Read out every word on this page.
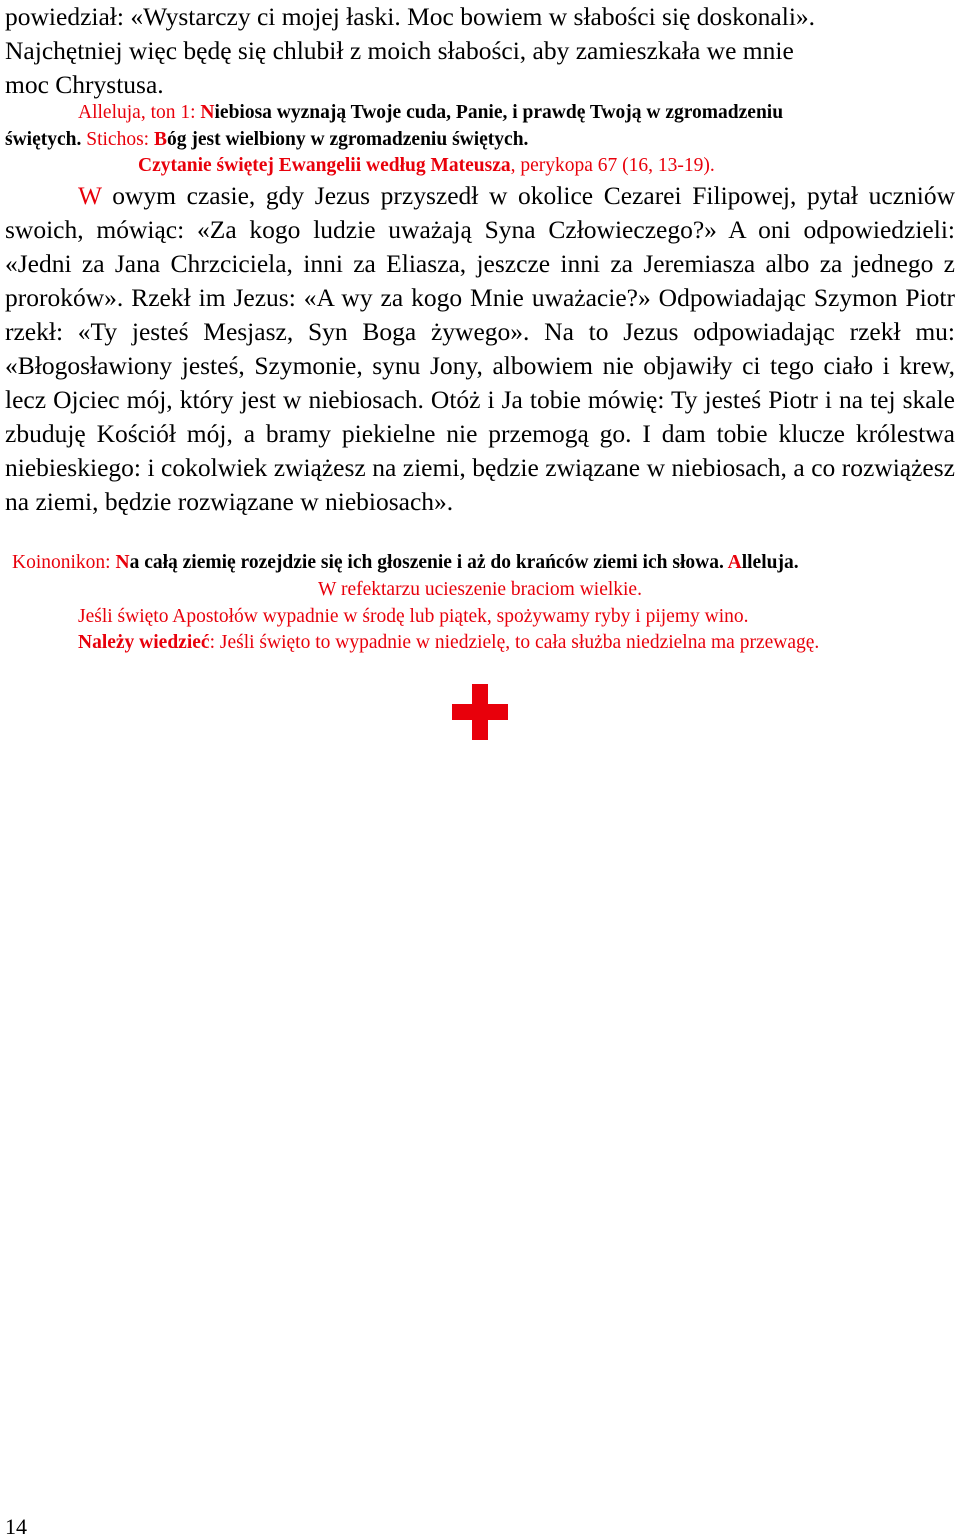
powiedział: «Wystarczy ci mojej łaski. Moc bowiem w słabości się doskonali».
Najchętniej więc będę się chlubił z moich słabości, aby zamieszkała we mnie
moc Chrystusa.
Alleluja, ton 1: Niebiosa wyznają Twoje cuda, Panie, i prawdę Twoją w zgromadzeniu
świętych. Stichos: Bóg jest wielbiony w zgromadzeniu świętych.
Czytanie świętej Ewangelii według Mateusza, perykopa 67 (16, 13-19).
W owym czasie, gdy Jezus przyszedł w okolice Cezarei Filipowej, pytał uczniów swoich, mówiąc: «Za kogo ludzie uważają Syna Człowieczego?» A oni odpowiedzieli: «Jedni za Jana Chrzciciela, inni za Eliasza, jeszcze inni za Jeremiasza albo za jednego z proroków». Rzekł im Jezus: «A wy za kogo Mnie uważacie?» Odpowiadając Szymon Piotr rzekł: «Ty jesteś Mesjasz, Syn Boga żywego». Na to Jezus odpowiadając rzekł mu: «Błogosławiony jesteś, Szymonie, synu Jony, albowiem nie objawiły ci tego ciało i krew, lecz Ojciec mój, który jest w niebiosach. Otóż i Ja tobie mówię: Ty jesteś Piotr i na tej skale zbuduję Kościół mój, a bramy piekielne nie przemogą go. I dam tobie klucze królestwa niebieskiego: i cokolwiek zwiążesz na ziemi, będzie związane w niebiosach, a co rozwiążesz na ziemi, będzie rozwiązane w niebiosach».
Koinonikon: Na całą ziemię rozejdzie się ich głoszenie i aż do krańców ziemi ich słowa. Alleluja.
W refektarzu ucieszenie braciom wielkie.
Jeśli święto Apostołów wypadnie w środę lub piątek, spożywamy ryby i pijemy wino.
Należy wiedzieć: Jeśli święto to wypadnie w niedzielę, to cała służba niedzielna ma przewagę.
14
